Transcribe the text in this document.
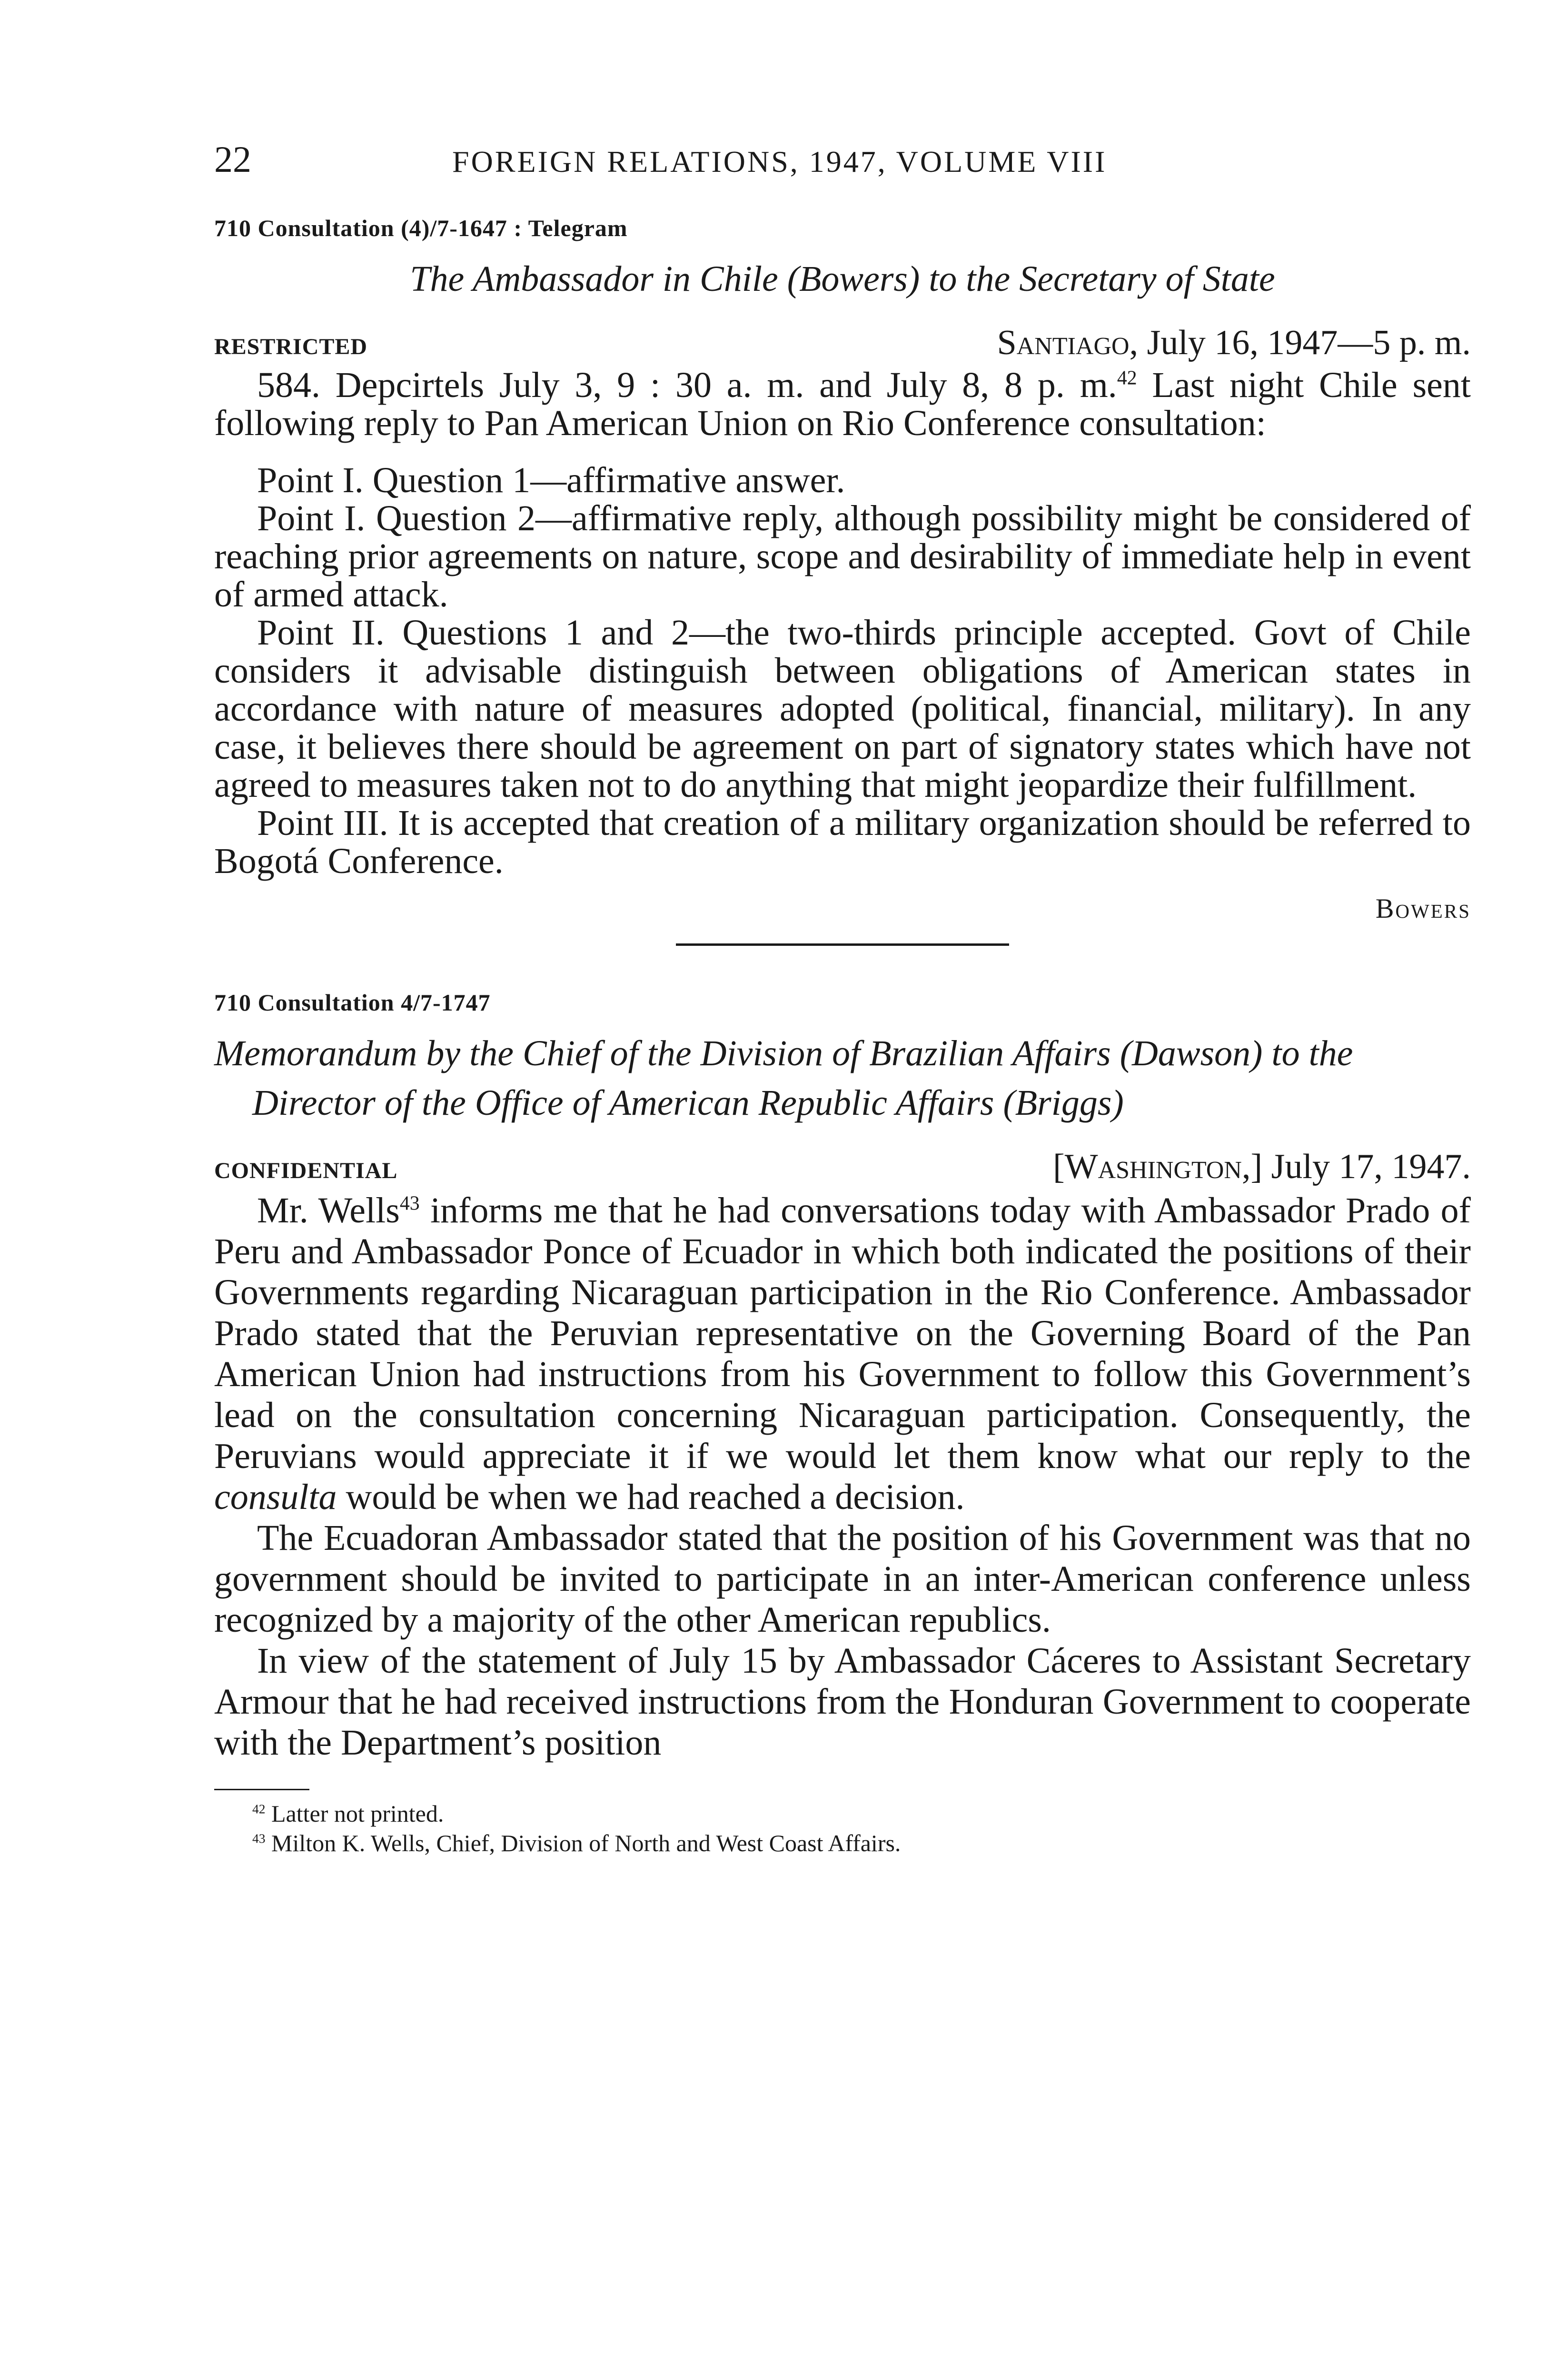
22	FOREIGN RELATIONS, 1947, VOLUME VIII
710 Consultation (4)/7-1647 : Telegram
The Ambassador in Chile (Bowers) to the Secretary of State
RESTRICTED	Santiago, July 16, 1947—5 p. m.

584. Depcirtels July 3, 9 : 30 a. m. and July 8, 8 p. m.$^{42}$ Last night Chile sent following reply to Pan American Union on Rio Conference consultation:

Point I. Question 1—affirmative answer.

Point I. Question 2—affirmative reply, although possibility might be considered of reaching prior agreements on nature, scope and desirability of immediate help in event of armed attack.

Point II. Questions 1 and 2—the two-thirds principle accepted. Govt of Chile considers it advisable distinguish between obligations of American states in accordance with nature of measures adopted (political, financial, military). In any case, it believes there should be agreement on part of signatory states which have not agreed to measures taken not to do anything that might jeopardize their fulfillment.

Point III. It is accepted that creation of a military organization should be referred to Bogotá Conference.

Bowers
710 Consultation 4/7-1747
Memorandum by the Chief of the Division of Brazilian Affairs (Dawson) to the Director of the Office of American Republic Affairs (Briggs)
CONFIDENTIAL	[Washington,] July 17, 1947.

Mr. Wells$^{43}$ informs me that he had conversations today with Ambassador Prado of Peru and Ambassador Ponce of Ecuador in which both indicated the positions of their Governments regarding Nicaraguan participation in the Rio Conference. Ambassador Prado stated that the Peruvian representative on the Governing Board of the Pan American Union had instructions from his Government to follow this Government’s lead on the consultation concerning Nicaraguan participation. Consequently, the Peruvians would appreciate it if we would let them know what our reply to the consulta would be when we had reached a decision.

The Ecuadoran Ambassador stated that the position of his Government was that no government should be invited to participate in an inter-American conference unless recognized by a majority of the other American republics.

In view of the statement of July 15 by Ambassador Cáceres to Assistant Secretary Armour that he had received instructions from the Honduran Government to cooperate with the Department’s position

$^{42}$ Latter not printed.
$^{43}$ Milton K. Wells, Chief, Division of North and West Coast Affairs.
